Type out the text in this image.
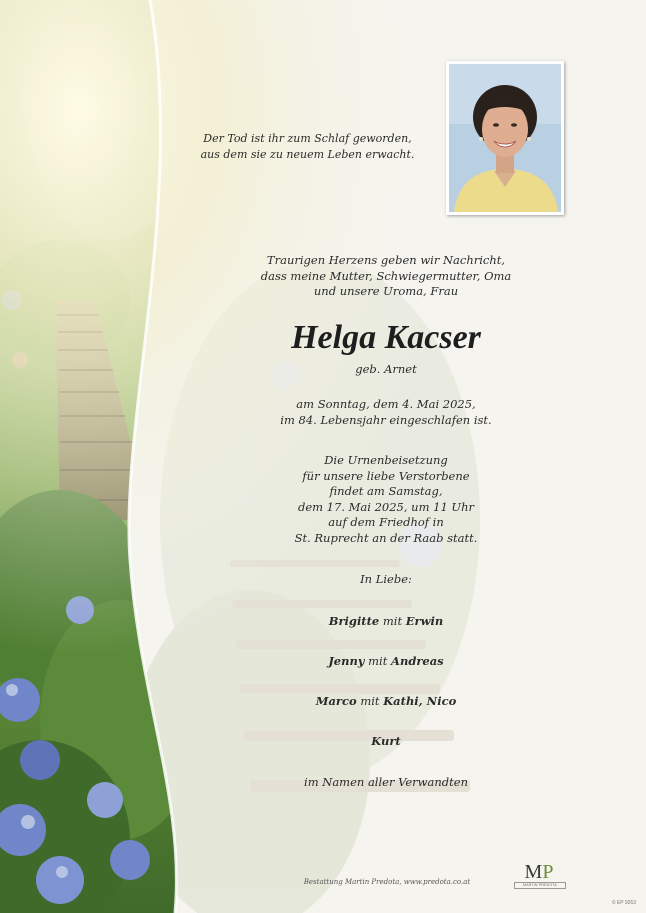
Der Tod ist ihr zum Schlaf geworden,
aus dem sie zu neuem Leben erwacht.
Traurigen Herzens geben wir Nachricht,
dass meine Mutter, Schwiegermutter, Oma
und unsere Uroma, Frau
Helga Kacser
geb. Arnet
am Sonntag, dem 4. Mai 2025,
im 84. Lebensjahr eingeschlafen ist.
Die Urnenbeisetzung
für unsere liebe Verstorbene
findet am Samstag,
dem 17. Mai 2025, um 11 Uhr
auf dem Friedhof in
St. Ruprecht an der Raab statt.
In Liebe:
Brigitte mit Erwin
Jenny mit Andreas
Marco mit Kathi, Nico
Kurt
im Namen aller Verwandten
Bestattung Martin Predota, www.predota.co.at	MP
MARTIN PREDOTA
© EP 9263
